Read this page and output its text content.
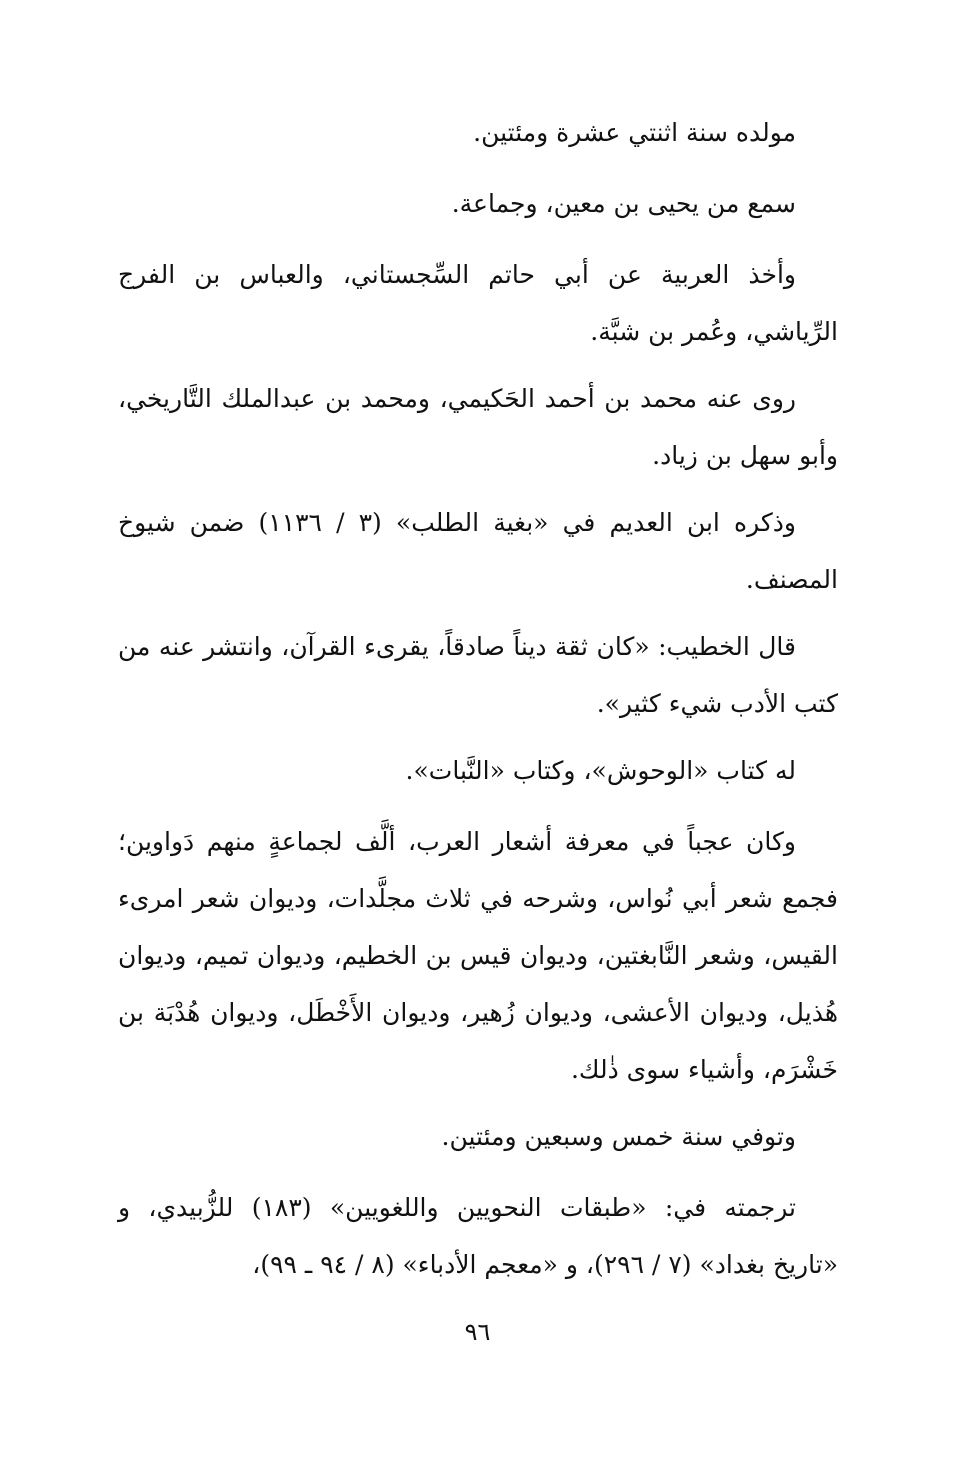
مولده سنة اثنتي عشرة ومئتين.

سمع من يحيى بن معين، وجماعة.

وأخذ العربية عن أبي حاتم السِّجستاني، والعباس بن الفرج الرِّياشي، وعُمر بن شبَّة.

روى عنه محمد بن أحمد الحَكيمي، ومحمد بن عبدالملك التَّاريخي، وأبو سهل بن زياد.

وذكره ابن العديم في «بغية الطلب» (٣ / ١١٣٦) ضمن شيوخ المصنف.

قال الخطيب: «كان ثقة ديناً صادقاً، يقرىء القرآن، وانتشر عنه من كتب الأدب شيء كثير».

له كتاب «الوحوش»، وكتاب «النَّبات».

وكان عجباً في معرفة أشعار العرب، ألَّف لجماعةٍ منهم دَواوين؛ فجمع شعر أبي نُواس، وشرحه في ثلاث مجلَّدات، وديوان شعر امرىء القيس، وشعر النَّابغتين، وديوان قيس بن الخطيم، وديوان تميم، وديوان هُذيل، وديوان الأعشى، وديوان زُهير، وديوان الأَخْطَل، وديوان هُدْبَة بن خَشْرَم، وأشياء سوى ذٰلك.

وتوفي سنة خمس وسبعين ومئتين.

ترجمته في: «طبقات النحويين واللغويين» (١٨٣) للزُّبيدي، و «تاريخ بغداد» (٧ / ٢٩٦)، و «معجم الأدباء» (٨ / ٩٤ ـ ٩٩)،

٩٦
